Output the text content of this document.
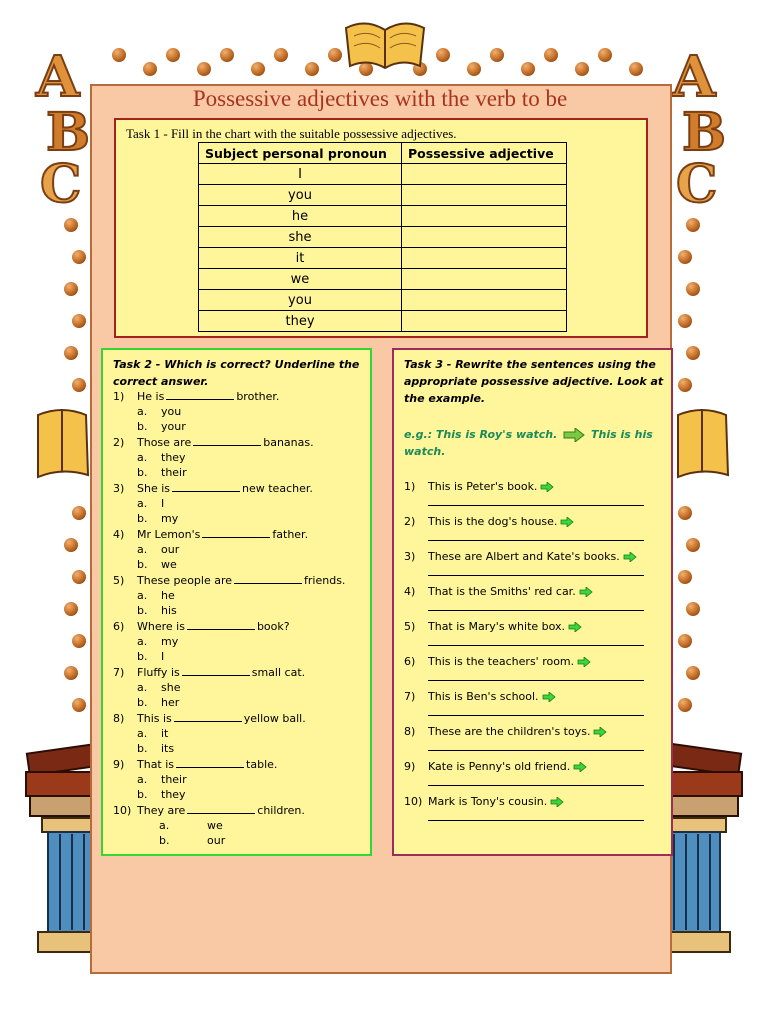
A
B
C
A
B
C
Possessive adjectives with the verb to be
Task 1 - Fill in the chart with the suitable possessive adjectives.
Subject personal pronoun	Possessive adjective
I	
you	
he	
she	
it	
we	
you	
they	
Task 2 - Which is correct? Underline the correct answer.
1) He is	brother.
a. you
b. your
2) Those are	bananas.
a. they
b. their
3) She is	new teacher.
a. I
b. my
4) Mr Lemon's	father.
a. our
b. we
5) These people are	friends.
a. he
b. his
6) Where is	book?
a. my
b. I
7) Fluffy is	small cat.
a. she
b. her
8) This is	yellow ball.
a. it
b. its
9) That is	table.
a. their
b. they
10) They are	children.
a.	we
b.	our
Task 3 - Rewrite the sentences using the appropriate possessive adjective. Look at the example.
e.g.: This is Roy's watch.	This is his watch.
1) This is Peter's book.
2) This is the dog's house.
3) These are Albert and Kate's books.
4) That is the Smiths' red car.
5) That is Mary's white box.
6) This is the teachers' room.
7) This is Ben's school.
8) These are the children's toys.
9) Kate is Penny's old friend.
10) Mark is Tony's cousin.
